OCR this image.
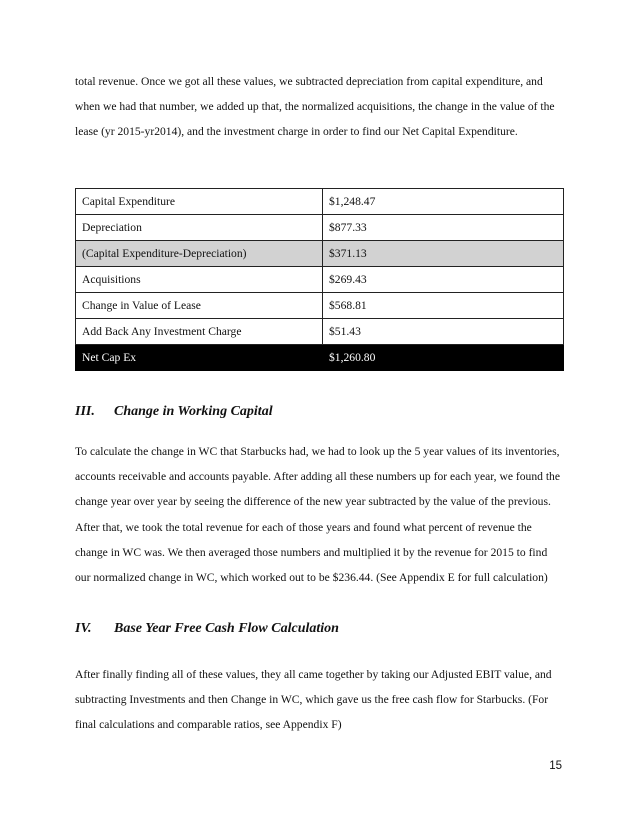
total revenue. Once we got all these values, we subtracted depreciation from capital expenditure, and when we had that number, we added up that, the normalized acquisitions, the change in the value of the lease (yr 2015-yr2014), and the investment charge in order to find our Net Capital Expenditure.

Capital Expenditure	$1,248.47
Depreciation	$877.33
(Capital Expenditure-Depreciation)	$371.13
Acquisitions	$269.43
Change in Value of Lease	$568.81
Add Back Any Investment Charge	$51.43
Net Cap Ex	$1,260.80
III. Change in Working Capital

To calculate the change in WC that Starbucks had, we had to look up the 5 year values of its inventories, accounts receivable and accounts payable. After adding all these numbers up for each year, we found the change year over year by seeing the difference of the new year subtracted by the value of the previous. After that, we took the total revenue for each of those years and found what percent of revenue the change in WC was. We then averaged those numbers and multiplied it by the revenue for 2015 to find our normalized change in WC, which worked out to be $236.44. (See Appendix E for full calculation)

IV. Base Year Free Cash Flow Calculation

After finally finding all of these values, they all came together by taking our Adjusted EBIT value, and subtracting Investments and then Change in WC, which gave us the free cash flow for Starbucks. (For final calculations and comparable ratios, see Appendix F)

15
